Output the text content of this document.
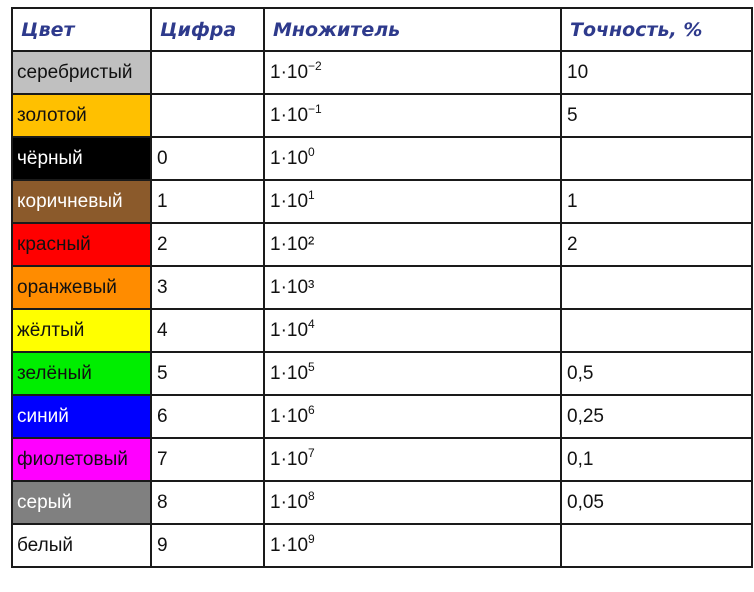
Цвет	Цифра	Множитель	Точность, %
серебристый		$1\cdot 10^{-2}$	10
золотой		$1\cdot 10^{-1}$	5
чёрный	0	$1\cdot 10^0$	
коричневый	1	$1\cdot 10^1$	1
красный	2	1·10²	2
оранжевый	3	1·10³	
жёлтый	4	$1\cdot 10^4$	
зелёный	5	$1\cdot 10^5$	0,5
синий	6	$1\cdot 10^6$	0,25
фиолетовый	7	$1\cdot 10^7$	0,1
серый	8	$1\cdot 10^8$	0,05
белый	9	$1\cdot 10^9$	
